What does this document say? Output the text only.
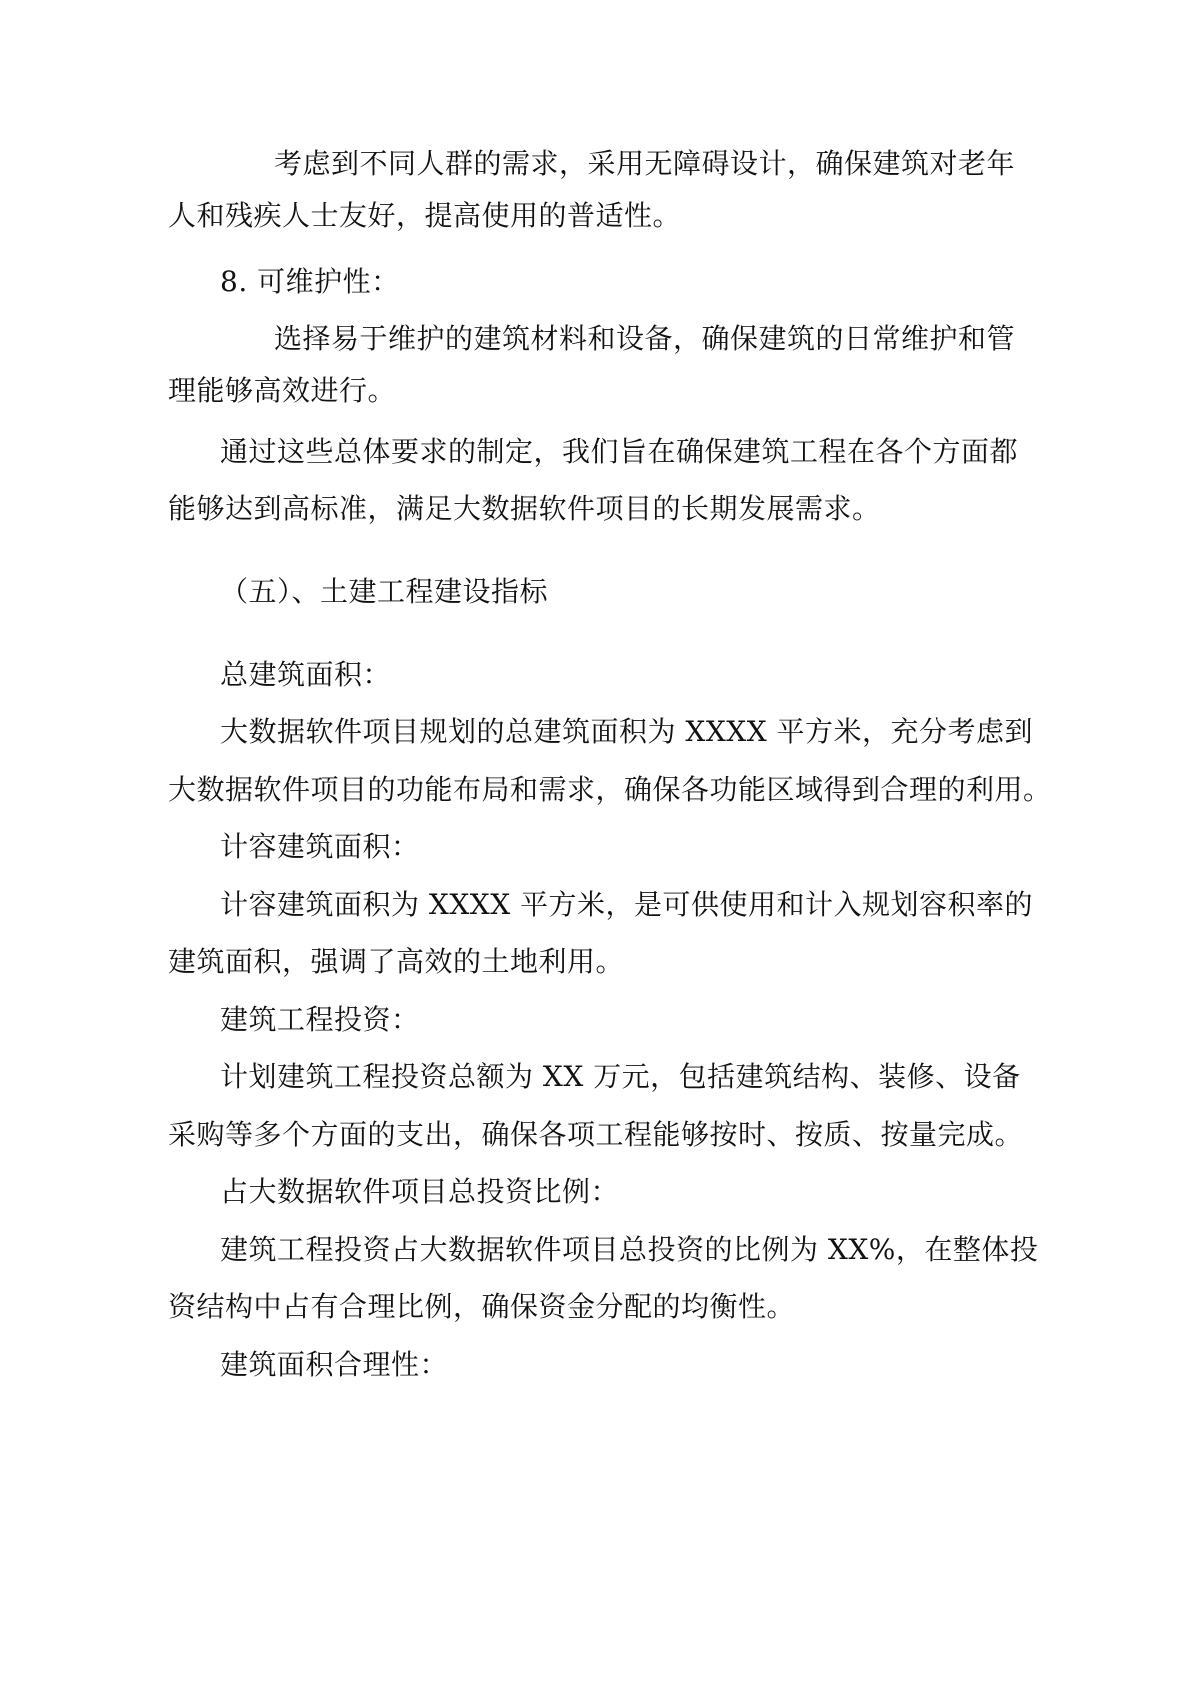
考虑到不同人群的需求，采用无障碍设计，确保建筑对老年
人和残疾人士友好，提高使用的普适性。
8. 可维护性：
选择易于维护的建筑材料和设备，确保建筑的日常维护和管
理能够高效进行。
通过这些总体要求的制定，我们旨在确保建筑工程在各个方面都
能够达到高标准，满足大数据软件项目的长期发展需求。
（五）、土建工程建设指标
总建筑面积：
大数据软件项目规划的总建筑面积为 XXXX 平方米，充分考虑到
大数据软件项目的功能布局和需求，确保各功能区域得到合理的利用。
计容建筑面积：
计容建筑面积为 XXXX 平方米，是可供使用和计入规划容积率的
建筑面积，强调了高效的土地利用。
建筑工程投资：
计划建筑工程投资总额为 XX 万元，包括建筑结构、装修、设备
采购等多个方面的支出，确保各项工程能够按时、按质、按量完成。
占大数据软件项目总投资比例：
建筑工程投资占大数据软件项目总投资的比例为 XX%，在整体投
资结构中占有合理比例，确保资金分配的均衡性。
建筑面积合理性：
